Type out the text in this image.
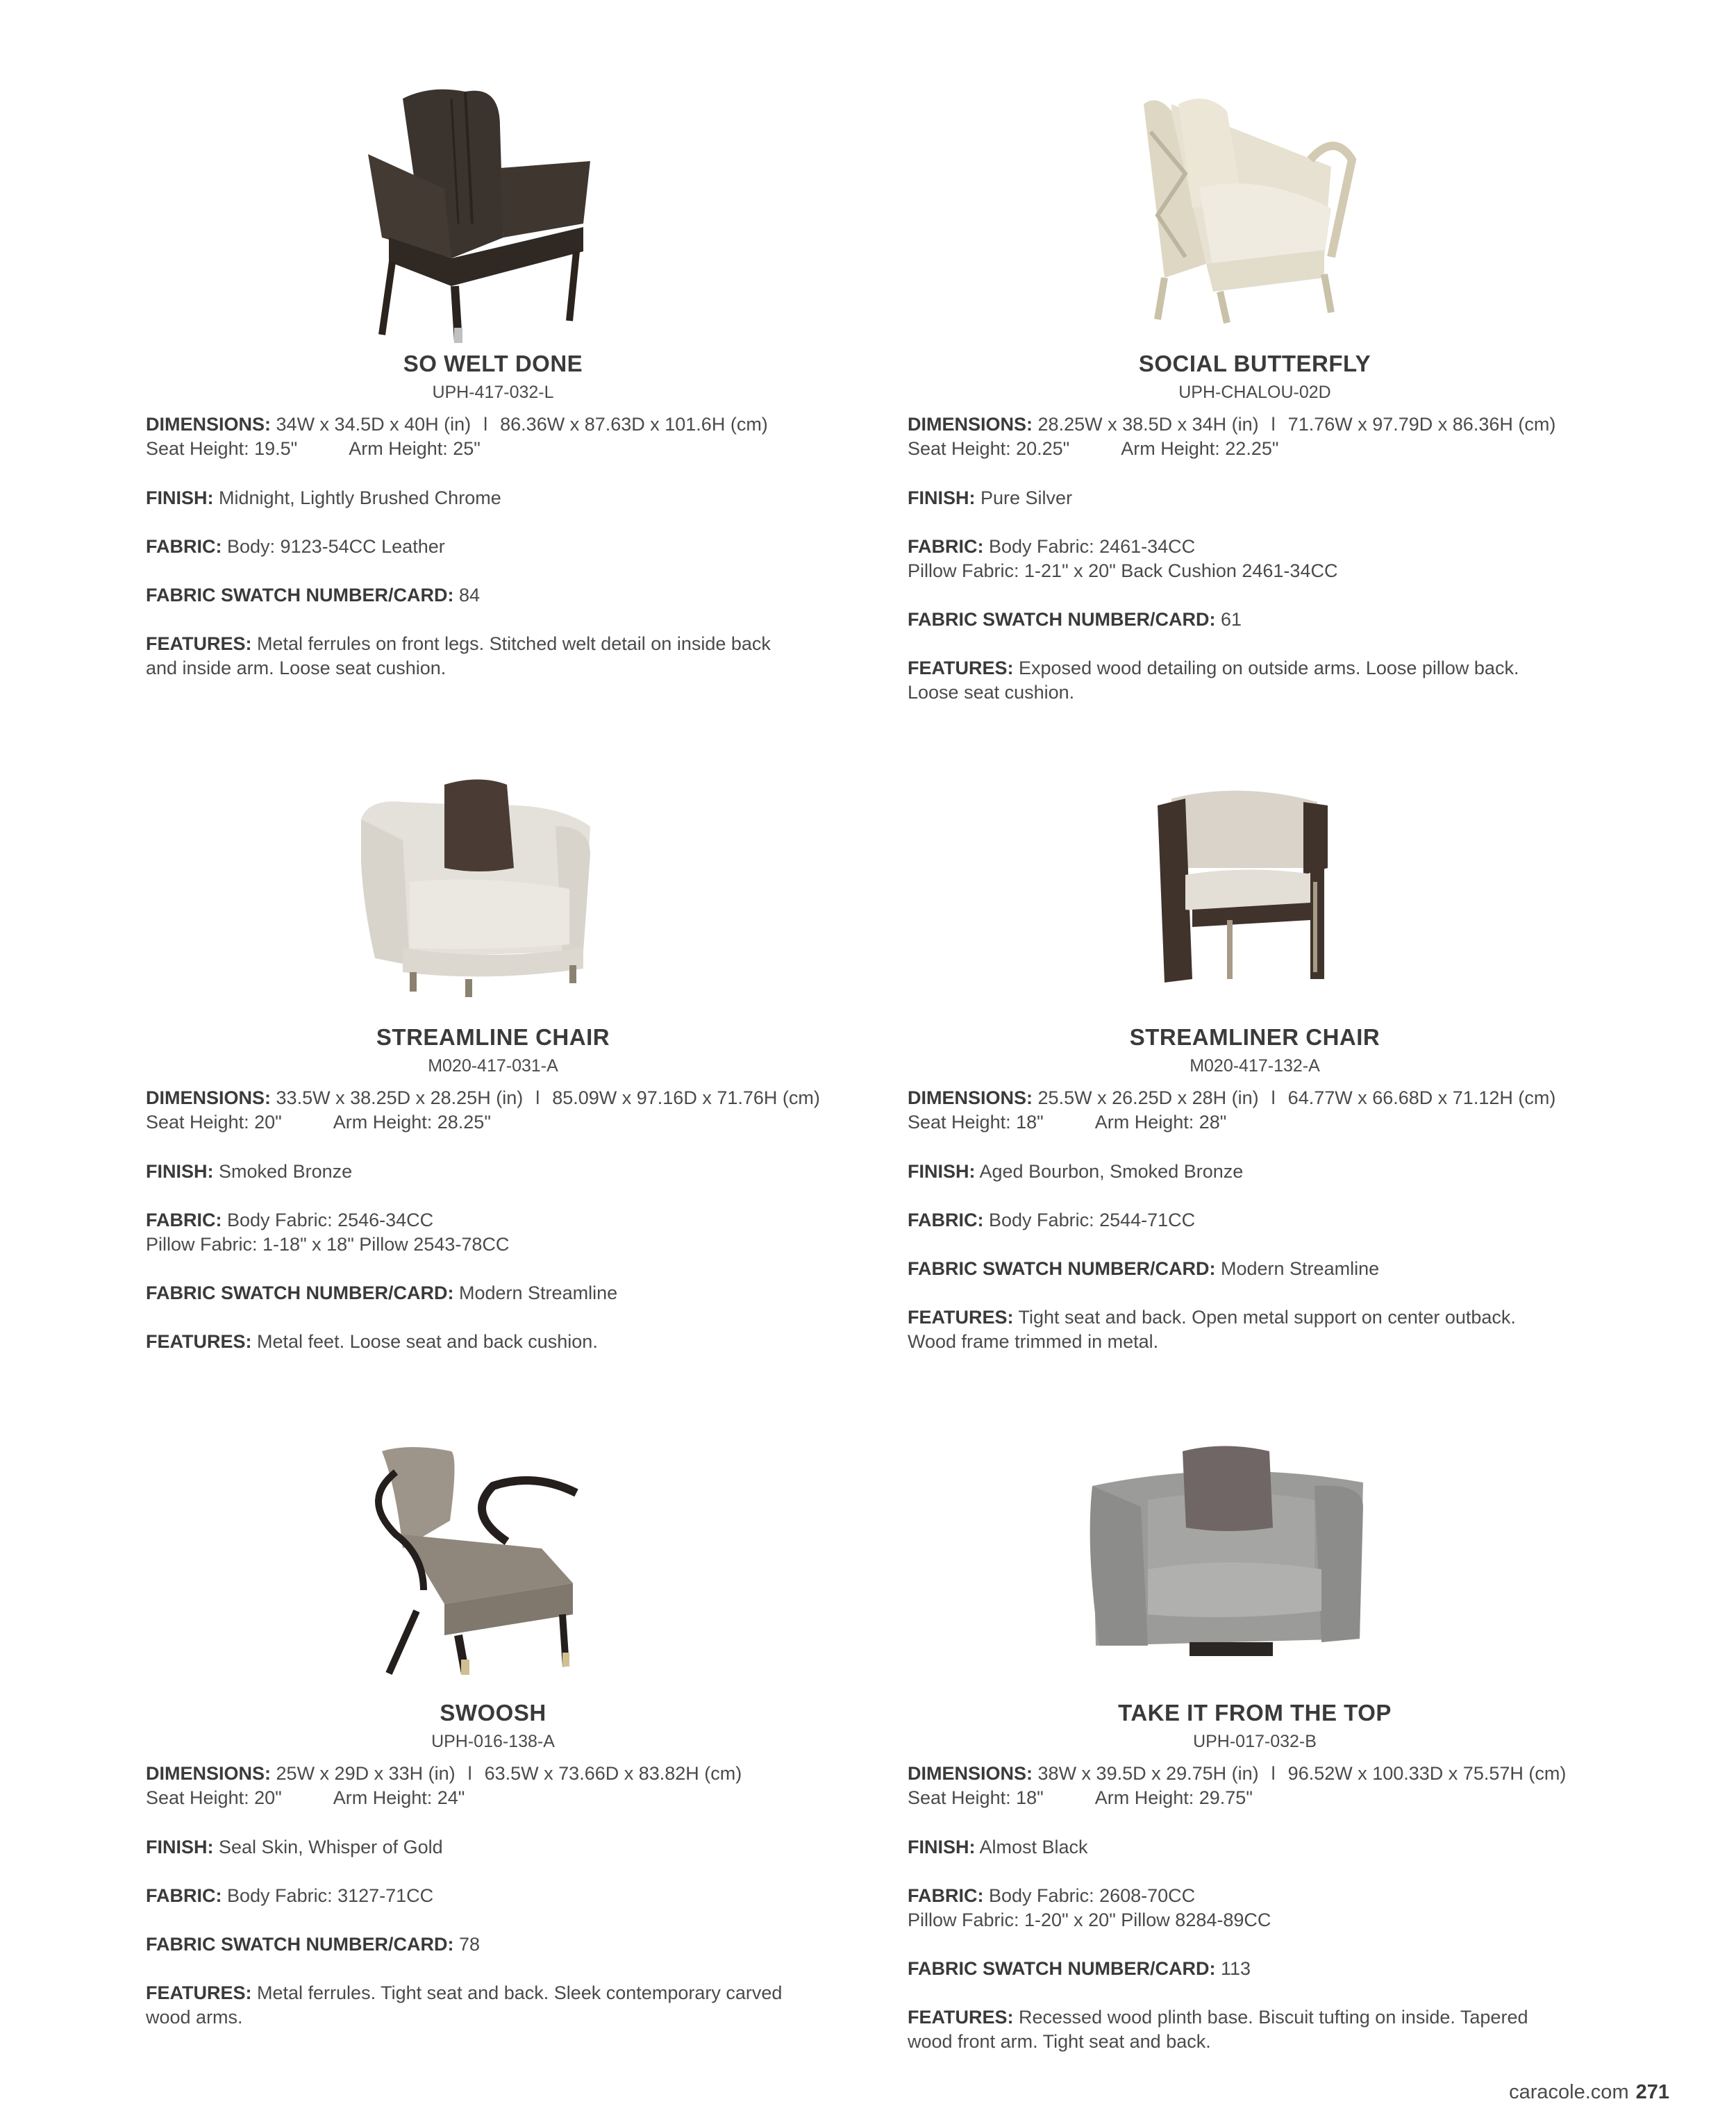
SO WELT DONE
UPH-417-032-L
DIMENSIONS: 34W x 34.5D x 40H (in) l 86.36W x 87.63D x 101.6H (cm)
Seat Height: 19.5"	Arm Height: 25"
FINISH: Midnight, Lightly Brushed Chrome
FABRIC: Body: 9123-54CC Leather
FABRIC SWATCH NUMBER/CARD: 84
FEATURES: Metal ferrules on front legs. Stitched welt detail on inside back
and inside arm. Loose seat cushion.
SOCIAL BUTTERFLY
UPH-CHALOU-02D
DIMENSIONS: 28.25W x 38.5D x 34H (in) l 71.76W x 97.79D x 86.36H (cm)
Seat Height: 20.25"	Arm Height: 22.25"
FINISH: Pure Silver
FABRIC: Body Fabric: 2461-34CC
Pillow Fabric: 1-21" x 20" Back Cushion 2461-34CC
FABRIC SWATCH NUMBER/CARD: 61
FEATURES: Exposed wood detailing on outside arms. Loose pillow back.
Loose seat cushion.
STREAMLINE CHAIR
M020-417-031-A
DIMENSIONS: 33.5W x 38.25D x 28.25H (in) l 85.09W x 97.16D x 71.76H (cm)
Seat Height: 20"	Arm Height: 28.25"
FINISH: Smoked Bronze
FABRIC: Body Fabric: 2546-34CC
Pillow Fabric: 1-18" x 18" Pillow 2543-78CC
FABRIC SWATCH NUMBER/CARD: Modern Streamline
FEATURES: Metal feet. Loose seat and back cushion.
STREAMLINER CHAIR
M020-417-132-A
DIMENSIONS: 25.5W x 26.25D x 28H (in) l 64.77W x 66.68D x 71.12H (cm)
Seat Height: 18"	Arm Height: 28"
FINISH: Aged Bourbon, Smoked Bronze
FABRIC: Body Fabric: 2544-71CC
FABRIC SWATCH NUMBER/CARD: Modern Streamline
FEATURES: Tight seat and back. Open metal support on center outback.
Wood frame trimmed in metal.
SWOOSH
UPH-016-138-A
DIMENSIONS: 25W x 29D x 33H (in) l 63.5W x 73.66D x 83.82H (cm)
Seat Height: 20"	Arm Height: 24"
FINISH: Seal Skin, Whisper of Gold
FABRIC: Body Fabric: 3127-71CC
FABRIC SWATCH NUMBER/CARD: 78
FEATURES: Metal ferrules. Tight seat and back. Sleek contemporary carved
wood arms.
TAKE IT FROM THE TOP
UPH-017-032-B
DIMENSIONS: 38W x 39.5D x 29.75H (in) l 96.52W x 100.33D x 75.57H (cm)
Seat Height: 18"	Arm Height: 29.75"
FINISH: Almost Black
FABRIC: Body Fabric: 2608-70CC
Pillow Fabric: 1-20" x 20" Pillow 8284-89CC
FABRIC SWATCH NUMBER/CARD: 113
FEATURES: Recessed wood plinth base. Biscuit tufting on inside. Tapered
wood front arm. Tight seat and back.
caracole.com 271
